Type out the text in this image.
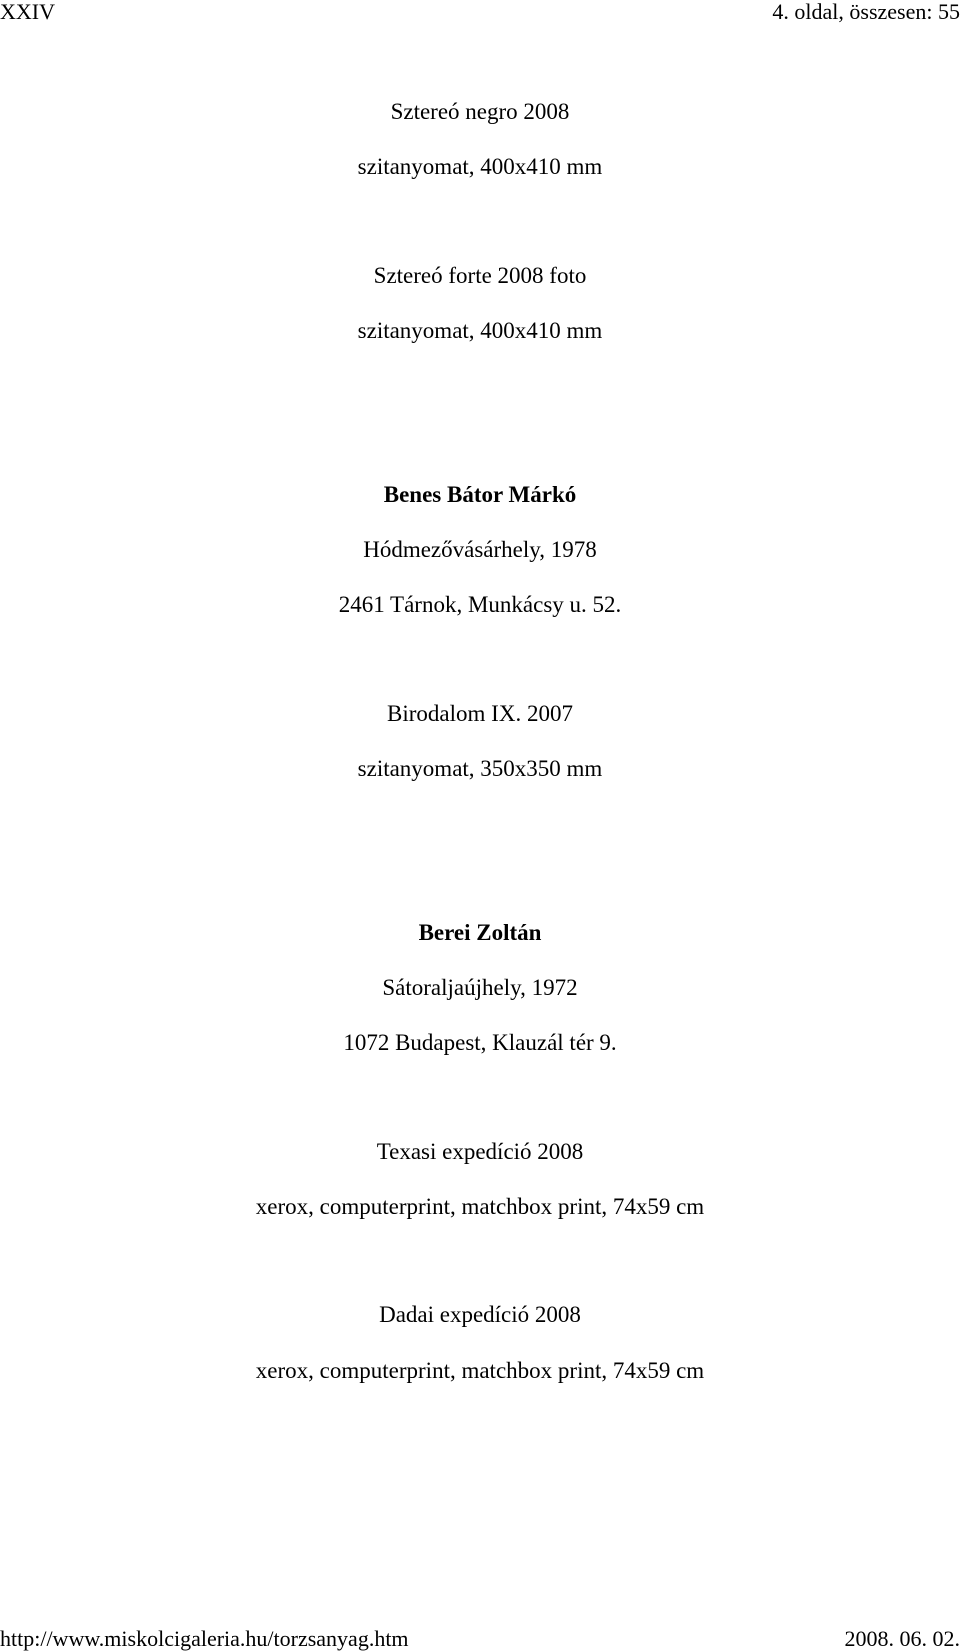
XXIV	4. oldal, összesen: 55
Sztereó negro 2008
szitanyomat, 400x410 mm
Sztereó forte 2008 foto
szitanyomat, 400x410 mm
Benes Bátor Márkó
Hódmezővásárhely, 1978
2461 Tárnok, Munkácsy u. 52.
Birodalom IX. 2007
szitanyomat, 350x350 mm
Berei Zoltán
Sátoraljaújhely, 1972
1072 Budapest, Klauzál tér 9.
Texasi expedíció 2008
xerox, computerprint, matchbox print, 74x59 cm
Dadai expedíció 2008
xerox, computerprint, matchbox print, 74x59 cm
http://www.miskolcigaleria.hu/torzsanyag.htm	2008. 06. 02.
